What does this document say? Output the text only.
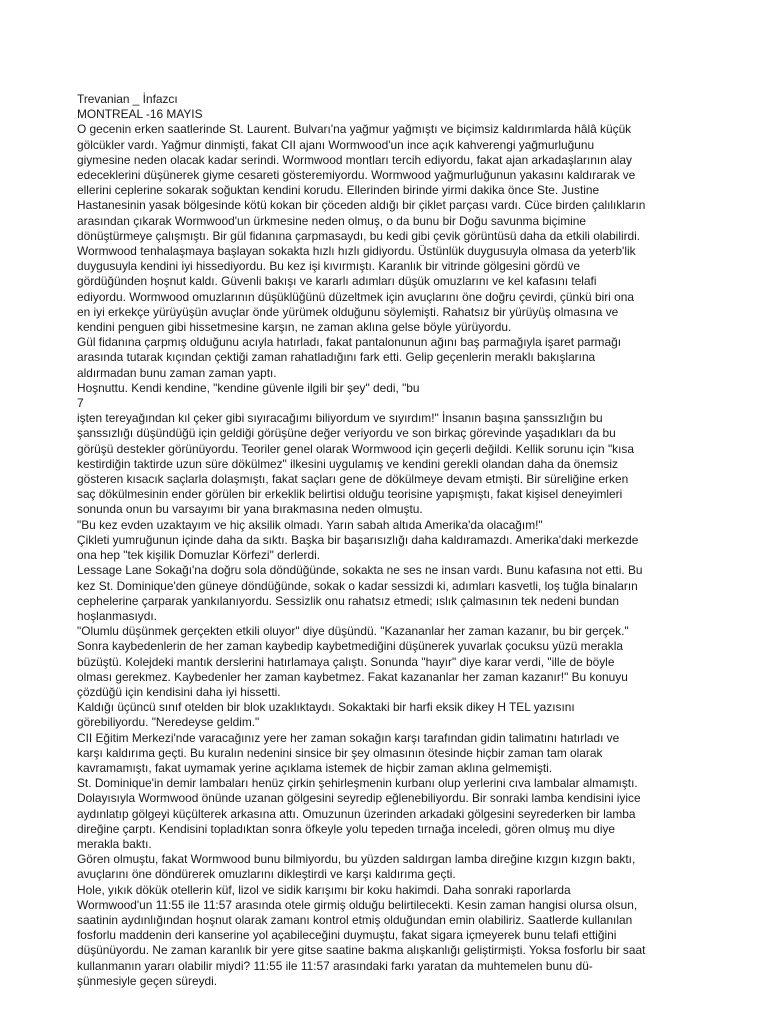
Trevanian _ İnfazcı
MONTREAL -16 MAYIS
O gecenin erken saatlerinde St. Laurent. Bulvarı'na yağmur yağmıştı ve biçimsiz kaldırımlarda hâlâ küçük
gölcükler vardı. Yağmur dinmişti, fakat CII ajanı Wormwood'un ince açık kahverengi yağmurluğunu
giymesine neden olacak kadar serindi. Wormwood montları tercih ediyordu, fakat ajan arkadaşlarının alay
edeceklerini düşünerek giyme cesareti gösteremiyordu. Wormwood yağmurluğunun yakasını kaldırarak ve
ellerini ceplerine sokarak soğuktan kendini korudu. Ellerinden birinde yirmi dakika önce Ste. Justine
Hastanesinin yasak bölgesinde kötü kokan bir çöceden aldığı bir çiklet parçası vardı. Cüce birden çalılıkların
arasından çıkarak Wormwood'un ürkmesine neden olmuş, o da bunu bir Doğu savunma biçimine
dönüştürmeye çalışmıştı. Bir gül fidanına çarpmasaydı, bu kedi gibi çevik görüntüsü daha da etkili olabilirdi.
Wormwood tenhalaşmaya başlayan sokakta hızlı hızlı gidiyordu. Üstünlük duygusuyla olmasa da yeterb'lik
duygusuyla kendini iyi hissediyordu. Bu kez işi kıvırmıştı. Karanlık bir vitrinde gölgesini gördü ve
gördüğünden hoşnut kaldı. Güvenli bakışı ve kararlı adımları düşük omuzlarını ve kel kafasını telafi
ediyordu. Wormwood omuzlarının düşüklüğünü düzeltmek için avuçlarını öne doğru çevirdi, çünkü biri ona
en iyi erkekçe yürüyüşün avuçlar önde yürümek olduğunu söylemişti. Rahatsız bir yürüyüş olmasına ve
kendini penguen gibi hissetmesine karşın, ne zaman aklına gelse böyle yürüyordu.
Gül fidanına çarpmış olduğunu acıyla hatırladı, fakat pantalonunun ağını baş parmağıyla işaret parmağı
arasında tutarak kıçından çektiği zaman rahatladığını fark etti. Gelip geçenlerin meraklı bakışlarına
aldırmadan bunu zaman zaman yaptı.
Hoşnuttu. Kendi kendine, "kendine güvenle ilgili bir şey" dedi, "bu
7
işten tereyağından kıl çeker gibi sıyıracağımı biliyordum ve sıyırdım!" İnsanın başına şanssızlığın bu
şanssızlığı düşündüğü için geldiği görüşüne değer veriyordu ve son birkaç görevinde yaşadıkları da bu
görüşü destekler görünüyordu. Teoriler genel olarak Wormwood için geçerli değildi. Kellik sorunu için "kısa
kestirdiğin taktirde uzun süre dökülmez" ilkesini uygulamış ve kendini gerekli olandan daha da önemsiz
gösteren kısacık saçlarla dolaşmıştı, fakat saçları gene de dökülmeye devam etmişti. Bir süreliğine erken
saç dökülmesinin ender görülen bir erkeklik belirtisi olduğu teorisine yapışmıştı, fakat kişisel deneyimleri
sonunda onun bu varsayımı bir yana bırakmasına neden olmuştu.
"Bu kez evden uzaktayım ve hiç aksilik olmadı. Yarın sabah altıda Amerika'da olacağım!"
Çikleti yumruğunun içinde daha da sıktı. Başka bir başarısızlığı daha kaldıramazdı. Amerika'daki merkezde
ona hep "tek kişilik Domuzlar Körfezi" derlerdi.
Lessage Lane Sokağı'na doğru sola döndüğünde, sokakta ne ses ne insan vardı. Bunu kafasına not etti. Bu
kez St. Dominique'den güneye döndüğünde, sokak o kadar sessizdi ki, adımları kasvetli, loş tuğla binaların
cephelerine çarparak yankılanıyordu. Sessizlik onu rahatsız etmedi; ıslık çalmasının tek nedeni bundan
hoşlanmasıydı.
"Olumlu düşünmek gerçekten etkili oluyor" diye düşündü. "Kazananlar her zaman kazanır, bu bir gerçek."
Sonra kaybedenlerin de her zaman kaybedip kaybetmediğini düşünerek yuvarlak çocuksu yüzü merakla
büzüştü. Kolejdeki mantık derslerini hatırlamaya çalıştı. Sonunda "hayır" diye karar verdi, "ille de böyle
olması gerekmez. Kaybedenler her zaman kaybetmez. Fakat kazananlar her zaman kazanır!" Bu konuyu
çözdüğü için kendisini daha iyi hissetti.
Kaldığı üçüncü sınıf otelden bir blok uzaklıktaydı. Sokaktaki bir harfi eksik dikey H TEL yazısını
görebiliyordu. "Neredeyse geldim."
CII Eğitim Merkezi'nde varacağınız yere her zaman sokağın karşı tarafından gidin talimatını hatırladı ve
karşı kaldırıma geçti. Bu kuralın nedenini sinsice bir şey olmasının ötesinde hiçbir zaman tam olarak
kavramamıştı, fakat uymamak yerine açıklama istemek de hiçbir zaman aklına gelmemişti.
St. Dominique'in demir lambaları henüz çirkin şehirleşmenin kurbanı olup yerlerini cıva lambalar almamıştı.
Dolayısıyla Wormwood önünde uzanan gölgesini seyredip eğlenebiliyordu. Bir sonraki lamba kendisini iyice
aydınlatıp gölgeyi küçülterek arkasına attı. Omuzunun üzerinden arkadaki gölgesini seyrederken bir lamba
direğine çarptı. Kendisini topladıktan sonra öfkeyle yolu tepeden tırnağa inceledi, gören olmuş mu diye
merakla baktı.
Gören olmuştu, fakat Wormwood bunu bilmiyordu, bu yüzden saldırgan lamba direğine kızgın kızgın baktı,
avuçlarını öne döndürerek omuzlarını dikleştirdi ve karşı kaldırıma geçti.
Hole, yıkık dökük otellerin küf, lizol ve sidik karışımı bir koku hakimdi. Daha sonraki raporlarda
Wormwood'un 11:55 ile 11:57 arasında otele girmiş olduğu belirtilecekti. Kesin zaman hangisi olursa olsun,
saatinin aydınlığından hoşnut olarak zamanı kontrol etmiş olduğundan emin olabiliriz. Saatlerde kullanılan
fosforlu maddenin deri kanserine yol açabileceğini duymuştu, fakat sigara içmeyerek bunu telafi ettiğini
düşünüyordu. Ne zaman karanlık bir yere gitse saatine bakma alışkanlığı geliştirmişti. Yoksa fosforlu bir saat
kullanmanın yararı olabilir miydi? 11:55 ile 11:57 arasındaki farkı yaratan da muhtemelen bunu dü-
şünmesiyle geçen süreydi.
